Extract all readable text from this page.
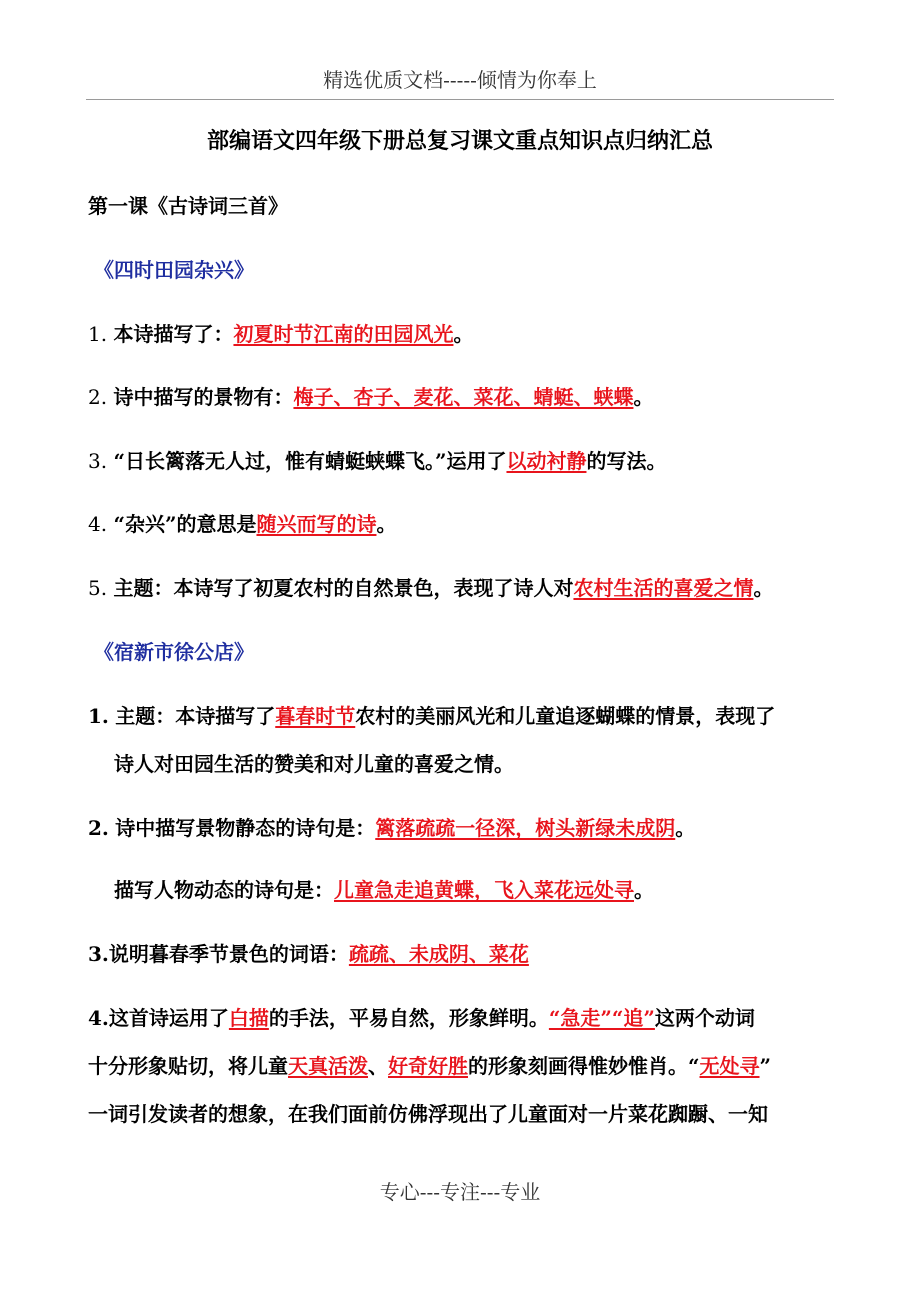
精选优质文档-----倾情为你奉上
部编语文四年级下册总复习课文重点知识点归纳汇总
第一课《古诗词三首》
《四时田园杂兴》
1. 本诗描写了：初夏时节江南的田园风光。
2. 诗中描写的景物有：梅子、杏子、麦花、菜花、蜻蜓、蛱蝶。
3. “日长篱落无人过，惟有蜻蜓蛱蝶飞。”运用了以动衬静的写法。
4. “杂兴”的意思是随兴而写的诗。
5. 主题：本诗写了初夏农村的自然景色，表现了诗人对农村生活的喜爱之情。
《宿新市徐公店》
1. 主题：本诗描写了暮春时节农村的美丽风光和儿童追逐蝴蝶的情景，表现了
诗人对田园生活的赞美和对儿童的喜爱之情。
2. 诗中描写景物静态的诗句是：篱落疏疏一径深，树头新绿未成阴。
描写人物动态的诗句是：儿童急走追黄蝶，飞入菜花远处寻。
3.说明暮春季节景色的词语：疏疏、未成阴、菜花
4.这首诗运用了白描的手法，平易自然，形象鲜明。“急走”“追”这两个动词
十分形象贴切，将儿童天真活泼、好奇好胜的形象刻画得惟妙惟肖。“无处寻”
一词引发读者的想象，在我们面前仿佛浮现出了儿童面对一片菜花踟蹰、一知
专心---专注---专业
